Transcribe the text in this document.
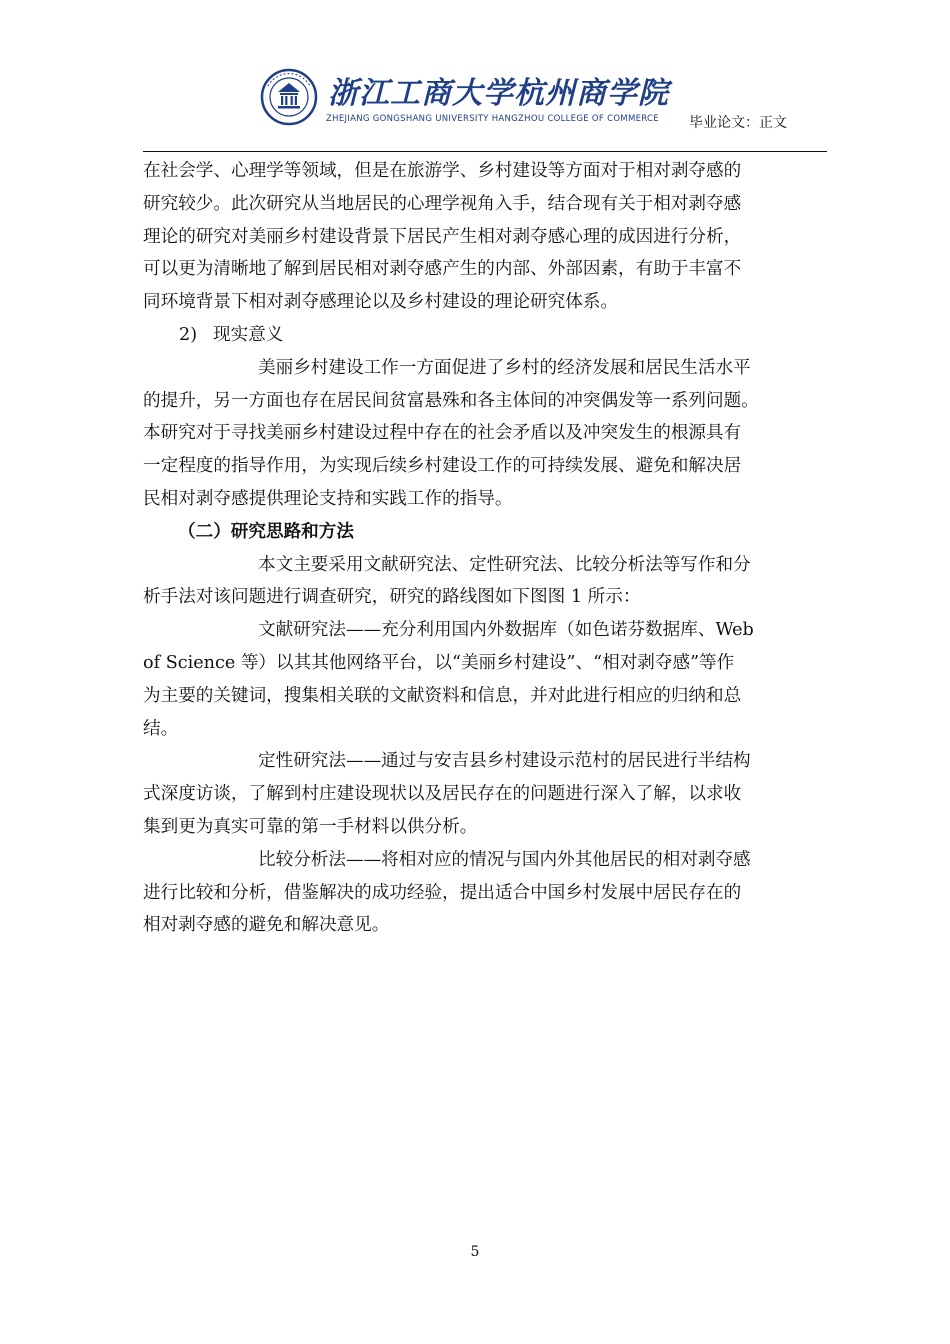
浙江工商大学杭州商学院
ZHEJIANG GONGSHANG UNIVERSITY HANGZHOU COLLEGE OF COMMERCE 毕业论文：正文
在社会学、心理学等领域，但是在旅游学、乡村建设等方面对于相对剥夺感的
研究较少。此次研究从当地居民的心理学视角入手，结合现有关于相对剥夺感
理论的研究对美丽乡村建设背景下居民产生相对剥夺感心理的成因进行分析，
可以更为清晰地了解到居民相对剥夺感产生的内部、外部因素，有助于丰富不
同环境背景下相对剥夺感理论以及乡村建设的理论研究体系。
2) 现实意义
美丽乡村建设工作一方面促进了乡村的经济发展和居民生活水平
的提升，另一方面也存在居民间贫富悬殊和各主体间的冲突偶发等一系列问题。
本研究对于寻找美丽乡村建设过程中存在的社会矛盾以及冲突发生的根源具有
一定程度的指导作用，为实现后续乡村建设工作的可持续发展、避免和解决居
民相对剥夺感提供理论支持和实践工作的指导。
（二）研究思路和方法
本文主要采用文献研究法、定性研究法、比较分析法等写作和分
析手法对该问题进行调查研究，研究的路线图如下图图 1 所示：
文献研究法——充分利用国内外数据库（如色诺芬数据库、Web
of Science 等）以其其他网络平台，以“美丽乡村建设”、“相对剥夺感”等作
为主要的关键词，搜集相关联的文献资料和信息，并对此进行相应的归纳和总
结。
定性研究法——通过与安吉县乡村建设示范村的居民进行半结构
式深度访谈，了解到村庄建设现状以及居民存在的问题进行深入了解，以求收
集到更为真实可靠的第一手材料以供分析。
比较分析法——将相对应的情况与国内外其他居民的相对剥夺感
进行比较和分析，借鉴解决的成功经验，提出适合中国乡村发展中居民存在的
相对剥夺感的避免和解决意见。
5
